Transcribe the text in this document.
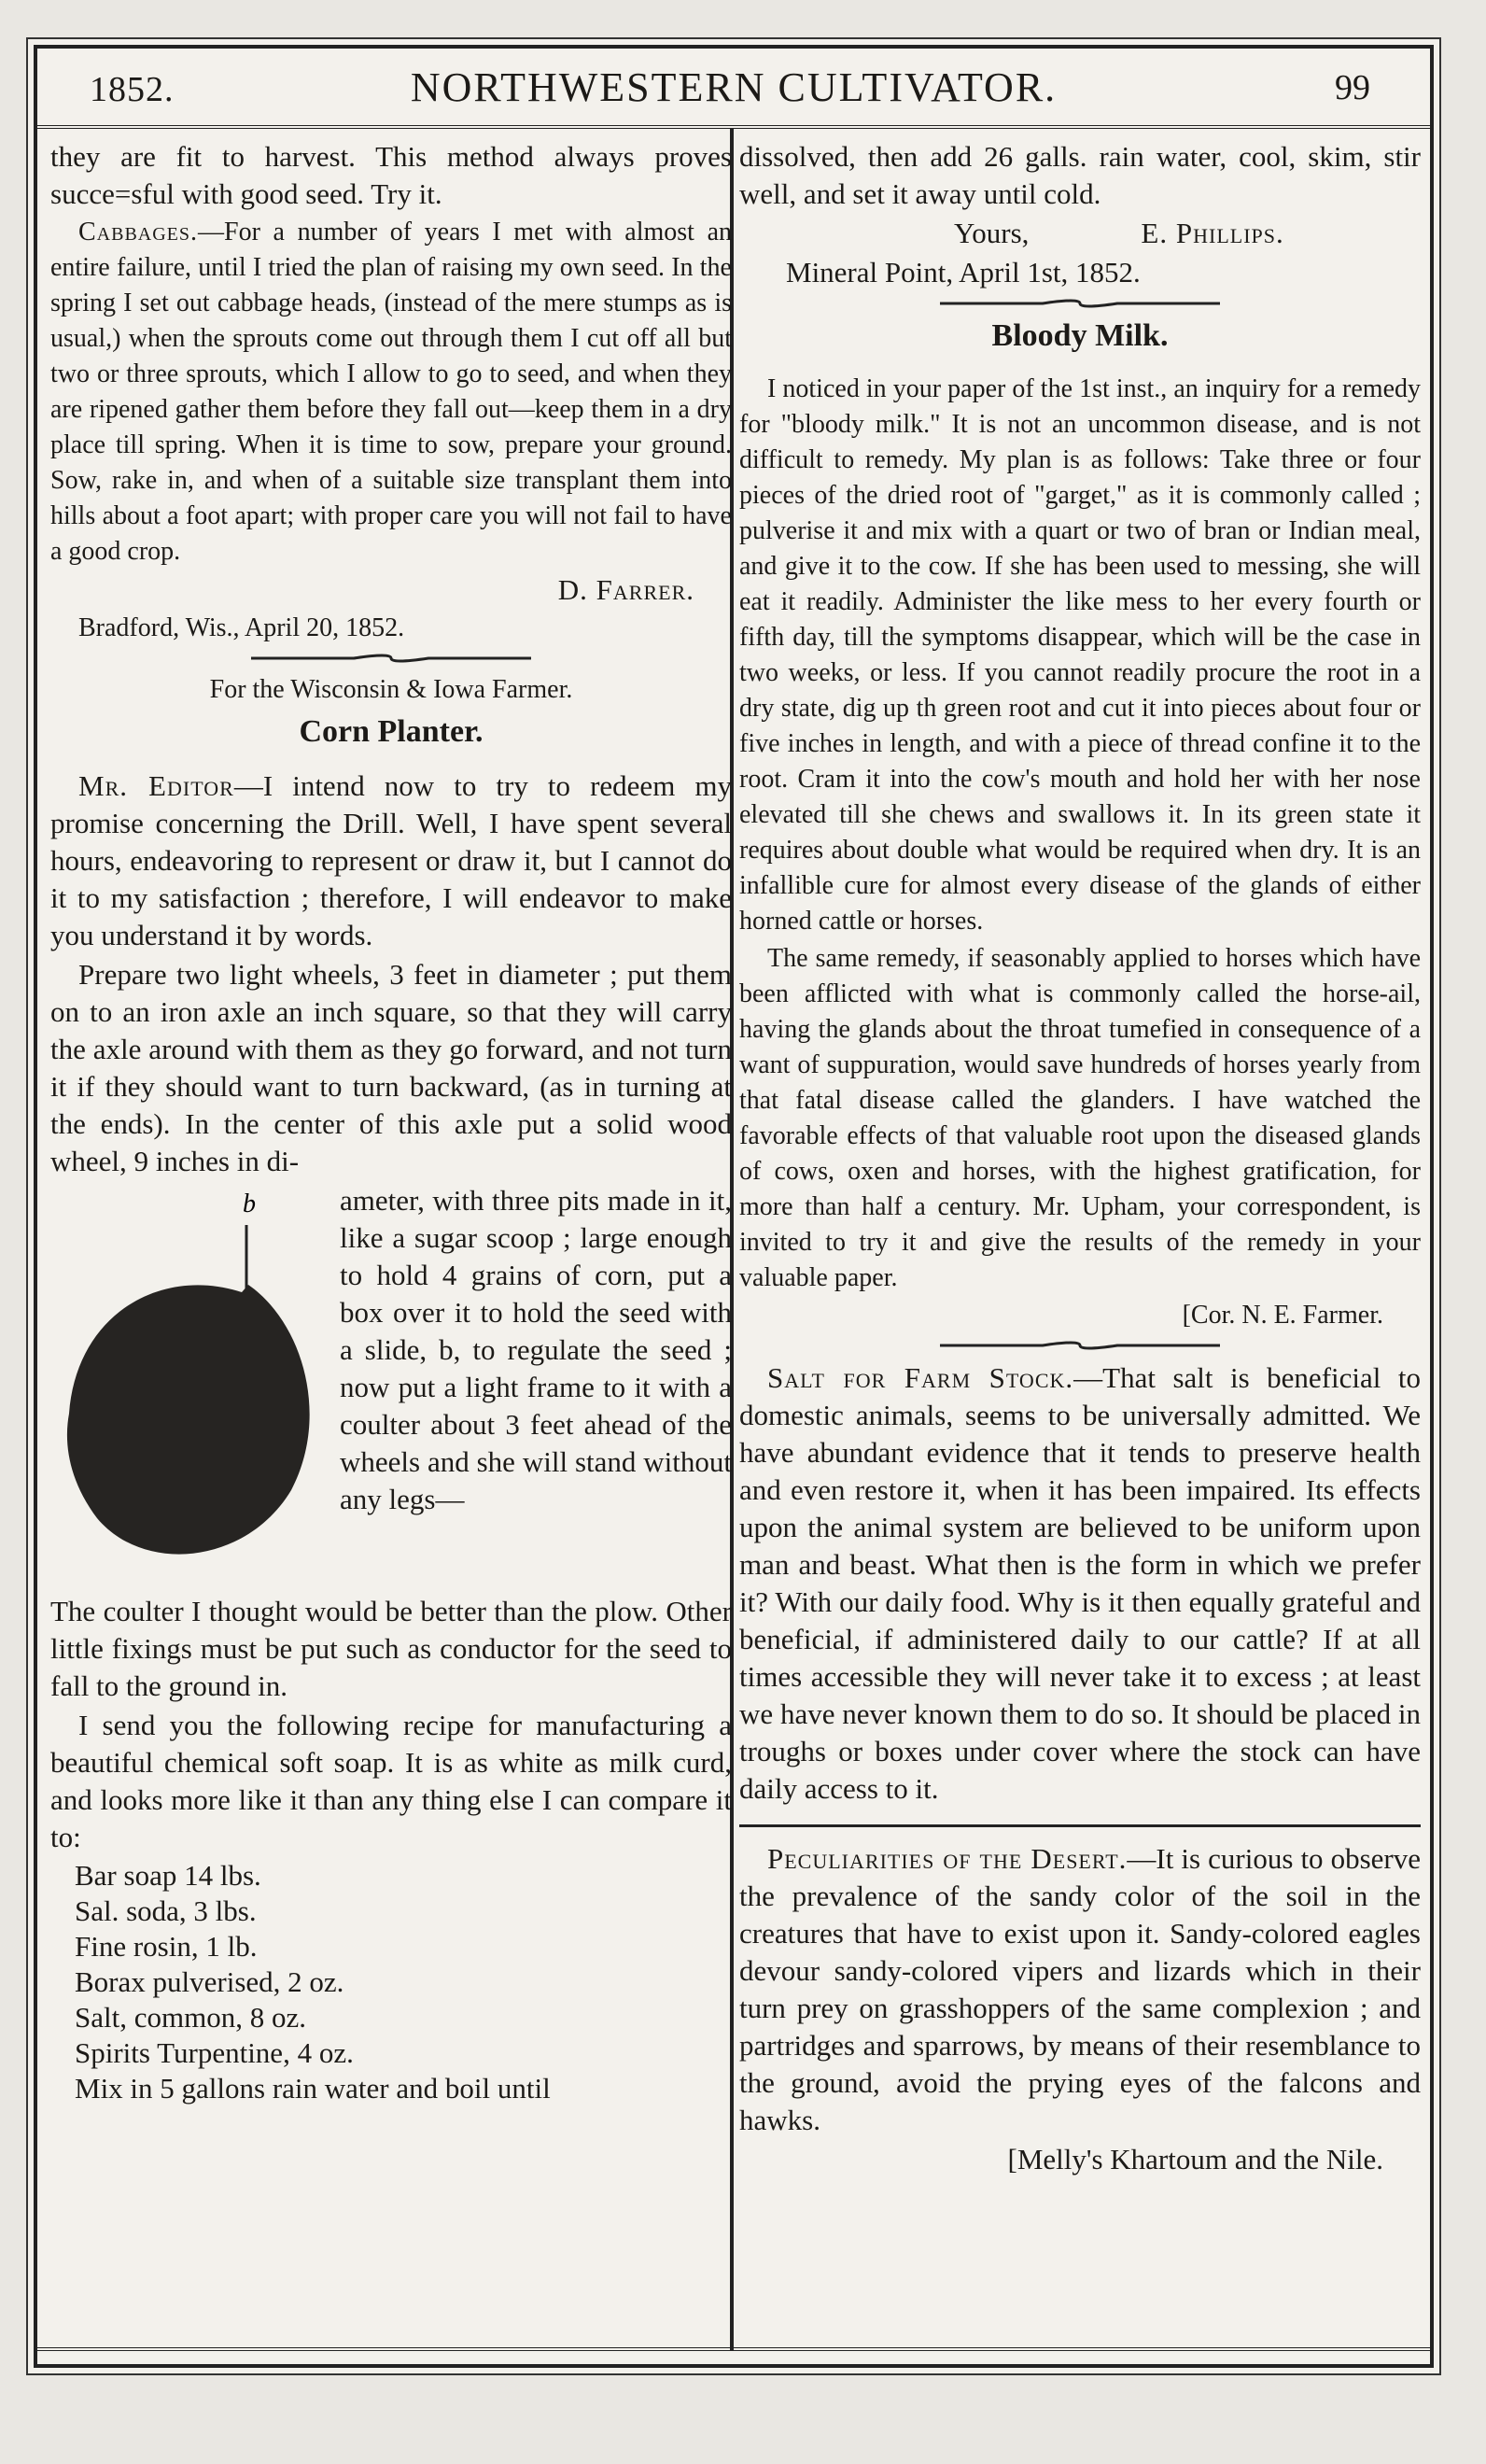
1852.	NORTHWESTERN CULTIVATOR.	99

they are fit to harvest. This method always proves succe=sful with good seed. Try it.

Cabbages.—For a number of years I met with almost an entire failure, until I tried the plan of raising my own seed. In the spring I set out cabbage heads, (instead of the mere stumps as is usual,) when the sprouts come out through them I cut off all but two or three sprouts, which I allow to go to seed, and when they are ripened gather them before they fall out—keep them in a dry place till spring. When it is time to sow, prepare your ground. Sow, rake in, and when of a suitable size transplant them into hills about a foot apart; with proper care you will not fail to have a good crop.

D. Farrer.

Bradford, Wis., April 20, 1852.

For the Wisconsin & Iowa Farmer.

Corn Planter.

Mr. Editor—I intend now to try to redeem my promise concerning the Drill. Well, I have spent several hours, endeavoring to represent or draw it, but I cannot do it to my satisfaction ; therefore, I will endeavor to make you understand it by words.

Prepare two light wheels, 3 feet in diameter ; put them on to an iron axle an inch square, so that they will carry the axle around with them as they go forward, and not turn it if they should want to turn backward, (as in turning at the ends). In the center of this axle put a solid wood wheel, 9 inches in di-

b	ameter, with three pits made in it, like a sugar scoop ; large enough to hold 4 grains of corn, put a box over it to hold the seed with a slide, b, to regulate the seed ; now put a light frame to it with a coulter about 3 feet ahead of the wheels and she will stand without any legs—

The coulter I thought would be better than the plow. Other little fixings must be put such as conductor for the seed to fall to the ground in.

I send you the following recipe for manufacturing a beautiful chemical soft soap. It is as white as milk curd, and looks more like it than any thing else I can compare it to:

Bar soap 14 lbs.
Sal. soda, 3 lbs.
Fine rosin, 1 lb.
Borax pulverised, 2 oz.
Salt, common, 8 oz.
Spirits Turpentine, 4 oz.
Mix in 5 gallons rain water and boil until

dissolved, then add 26 galls. rain water, cool, skim, stir well, and set it away until cold.

Yours,	E. Phillips.

Mineral Point, April 1st, 1852.

Bloody Milk.

I noticed in your paper of the 1st inst., an inquiry for a remedy for "bloody milk." It is not an uncommon disease, and is not difficult to remedy. My plan is as follows: Take three or four pieces of the dried root of "garget," as it is commonly called ; pulverise it and mix with a quart or two of bran or Indian meal, and give it to the cow. If she has been used to messing, she will eat it readily. Administer the like mess to her every fourth or fifth day, till the symptoms disappear, which will be the case in two weeks, or less. If you cannot readily procure the root in a dry state, dig up th green root and cut it into pieces about four or five inches in length, and with a piece of thread confine it to the root. Cram it into the cow's mouth and hold her with her nose elevated till she chews and swallows it. In its green state it requires about double what would be required when dry. It is an infallible cure for almost every disease of the glands of either horned cattle or horses.

The same remedy, if seasonably applied to horses which have been afflicted with what is commonly called the horse-ail, having the glands about the throat tumefied in consequence of a want of suppuration, would save hundreds of horses yearly from that fatal disease called the glanders. I have watched the favorable effects of that valuable root upon the diseased glands of cows, oxen and horses, with the highest gratification, for more than half a century. Mr. Upham, your correspondent, is invited to try it and give the results of the remedy in your valuable paper.

[Cor. N. E. Farmer.

Salt for Farm Stock.—That salt is beneficial to domestic animals, seems to be universally admitted. We have abundant evidence that it tends to preserve health and even restore it, when it has been impaired. Its effects upon the animal system are believed to be uniform upon man and beast. What then is the form in which we prefer it? With our daily food. Why is it then equally grateful and beneficial, if administered daily to our cattle? If at all times accessible they will never take it to excess ; at least we have never known them to do so. It should be placed in troughs or boxes under cover where the stock can have daily access to it.

Peculiarities of the Desert.—It is curious to observe the prevalence of the sandy color of the soil in the creatures that have to exist upon it. Sandy-colored eagles devour sandy-colored vipers and lizards which in their turn prey on grasshoppers of the same complexion ; and partridges and sparrows, by means of their resemblance to the ground, avoid the prying eyes of the falcons and hawks.

[Melly's Khartoum and the Nile.
